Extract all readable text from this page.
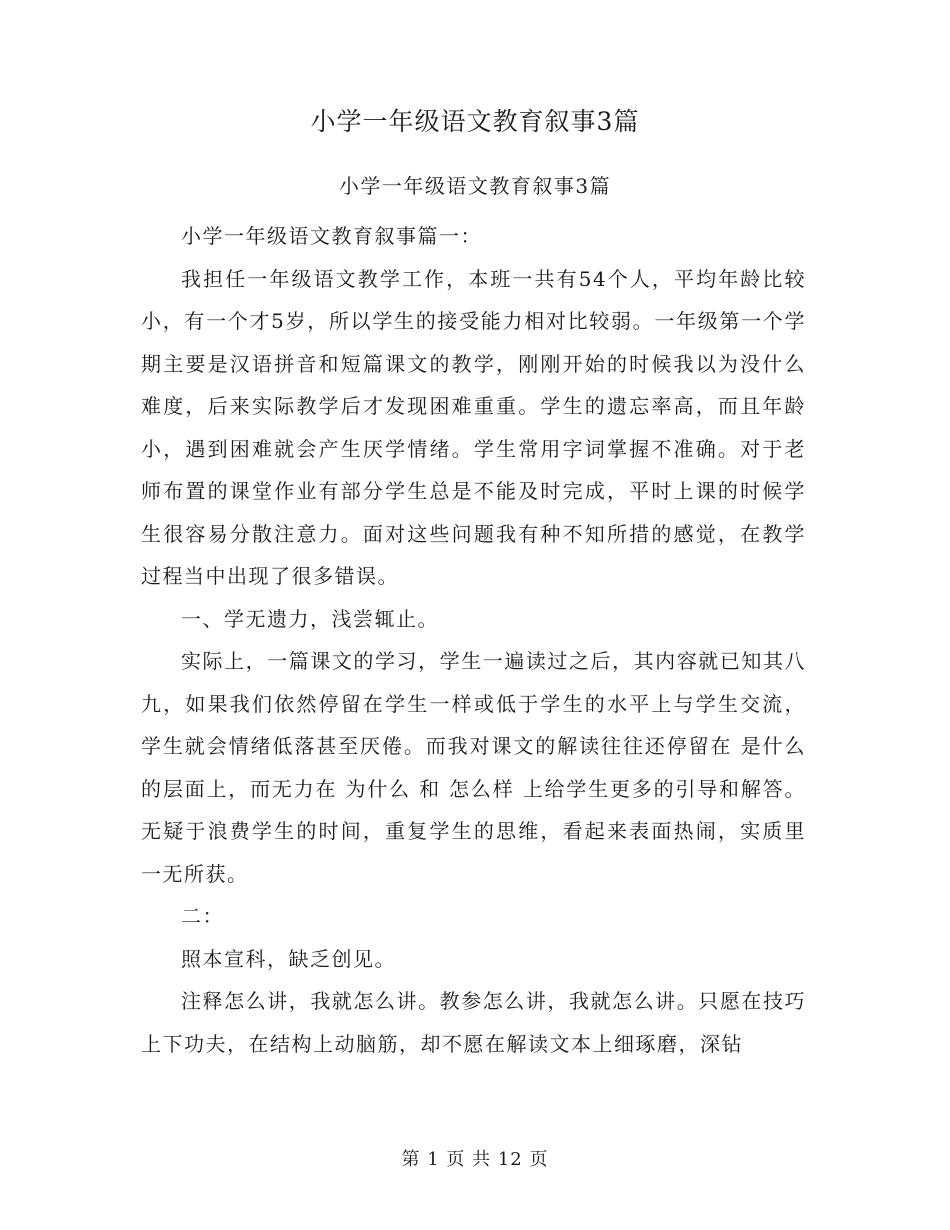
小学一年级语文教育叙事3篇
小学一年级语文教育叙事3篇

小学一年级语文教育叙事篇一：

我担任一年级语文教学工作，本班一共有54个人，平均年龄比较小，有一个才5岁，所以学生的接受能力相对比较弱。一年级第一个学期主要是汉语拼音和短篇课文的教学，刚刚开始的时候我以为没什么难度，后来实际教学后才发现困难重重。学生的遗忘率高，而且年龄小，遇到困难就会产生厌学情绪。学生常用字词掌握不准确。对于老师布置的课堂作业有部分学生总是不能及时完成，平时上课的时候学生很容易分散注意力。面对这些问题我有种不知所措的感觉，在教学过程当中出现了很多错误。

一、学无遗力，浅尝辄止。

实际上，一篇课文的学习，学生一遍读过之后，其内容就已知其八九，如果我们依然停留在学生一样或低于学生的水平上与学生交流，学生就会情绪低落甚至厌倦。而我对课文的解读往往还停留在 是什么 的层面上，而无力在 为什么 和 怎么样 上给学生更多的引导和解答。无疑于浪费学生的时间，重复学生的思维，看起来表面热闹，实质里一无所获。

二：

照本宣科，缺乏创见。

注释怎么讲，我就怎么讲。教参怎么讲，我就怎么讲。只愿在技巧上下功夫，在结构上动脑筋，却不愿在解读文本上细琢磨，深钻

第 1 页 共 12 页
